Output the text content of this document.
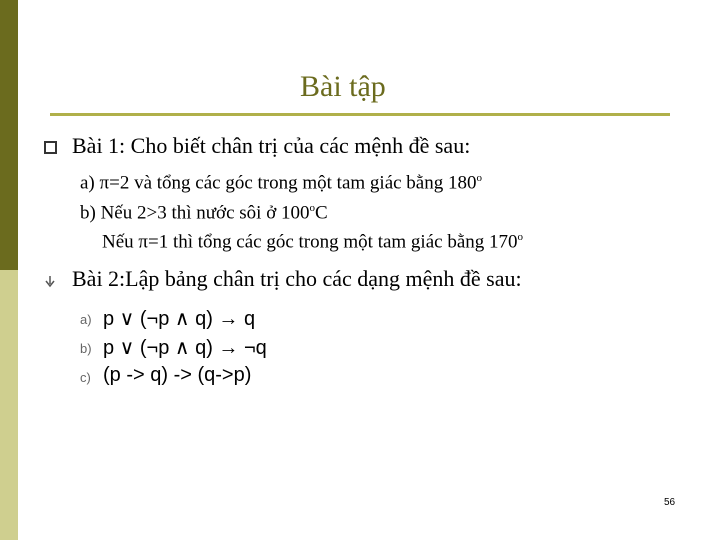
Bài tập
Bài 1: Cho biết chân trị của các mệnh đề sau:
a) π=2 và tổng các góc trong một tam giác bằng 180$^o$
b) Nếu 2>3 thì nước sôi ở 100$^o$C
Nếu π=1 thì tổng các góc trong một tam giác bằng 170$^o$
Bài 2:Lập bảng chân trị cho các dạng mệnh đề sau:
a) p ∨ (¬p ∧ q) → q
b) p ∨ (¬p ∧ q) → ¬q
c) (p -> q) -> (q->p)
56
